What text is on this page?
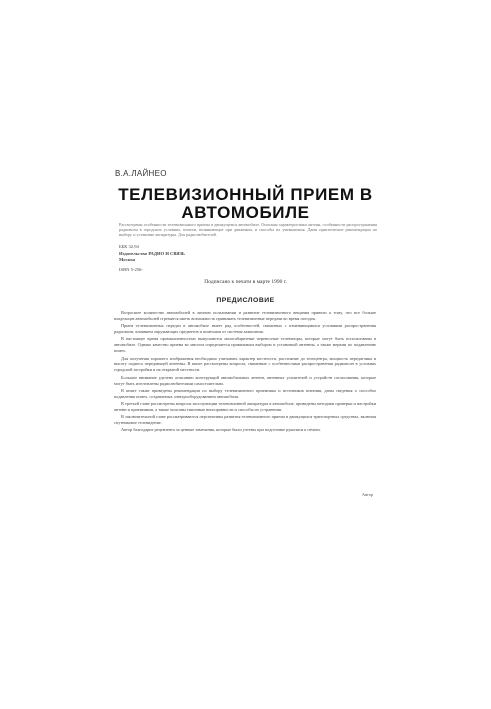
В.А.ЛАЙНЕО
ТЕЛЕВИЗИОННЫЙ ПРИЕМ В
АВТОМОБИЛЕ
Рассмотрены особенности телевизионного приема в движущемся автомобиле. Описаны характеристики антенн, особенности распространения радиоволн в городских условиях, помехи, возникающие при движении, и способы их уменьшения. Даны практические рекомендации по выбору и установке аппаратуры. Для радиолюбителей.
ББК 32.94
Издательство РАДИО И СВЯЗЬ
Москва
ISBN 5-256-
Подписано к печати в марте 1990 г.
ПРЕДИСЛОВИЕ

Возросшее количество автомобилей в личном пользовании и развитие телевизионного вещания привели к тому, что все больше владельцев автомобилей стремятся иметь возможность принимать телевизионные передачи во время поездок.

Прием телевизионных передач в автомобиле имеет ряд особенностей, связанных с изменяющимися условиями распространения радиоволн, влиянием окружающих предметов и помехами от системы зажигания.

В настоящее время промышленностью выпускаются малогабаритные переносные телевизоры, которые могут быть использованы в автомобиле. Однако качество приема во многом определяется правильным выбором и установкой антенны, а также мерами по подавлению помех.

Для получения хорошего изображения необходимо учитывать характер местности, расстояние до телецентра, мощность передатчика и высоту подвеса передающей антенны. В книге рассмотрены вопросы, связанные с особенностями распространения радиоволн в условиях городской застройки и на открытой местности.

Большое внимание уделено описанию конструкций автомобильных антенн, антенных усилителей и устройств согласования, которые могут быть изготовлены радиолюбителями самостоятельно.

В книге также приведены рекомендации по выбору телевизионного приемника и источников питания, даны сведения о способах подавления помех, создаваемых электрооборудованием автомобиля.

В третьей главе рассмотрены вопросы эксплуатации телевизионной аппаратуры в автомобиле, приведены методики проверки и настройки антенн и приемников, а также описаны типичные неисправности и способы их устранения.

В заключительной главе рассматриваются перспективы развития телевизионного приема в движущихся транспортных средствах, включая спутниковое телевидение.

Автор благодарит рецензента за ценные замечания, которые были учтены при подготовке рукописи к печати.

Автор
